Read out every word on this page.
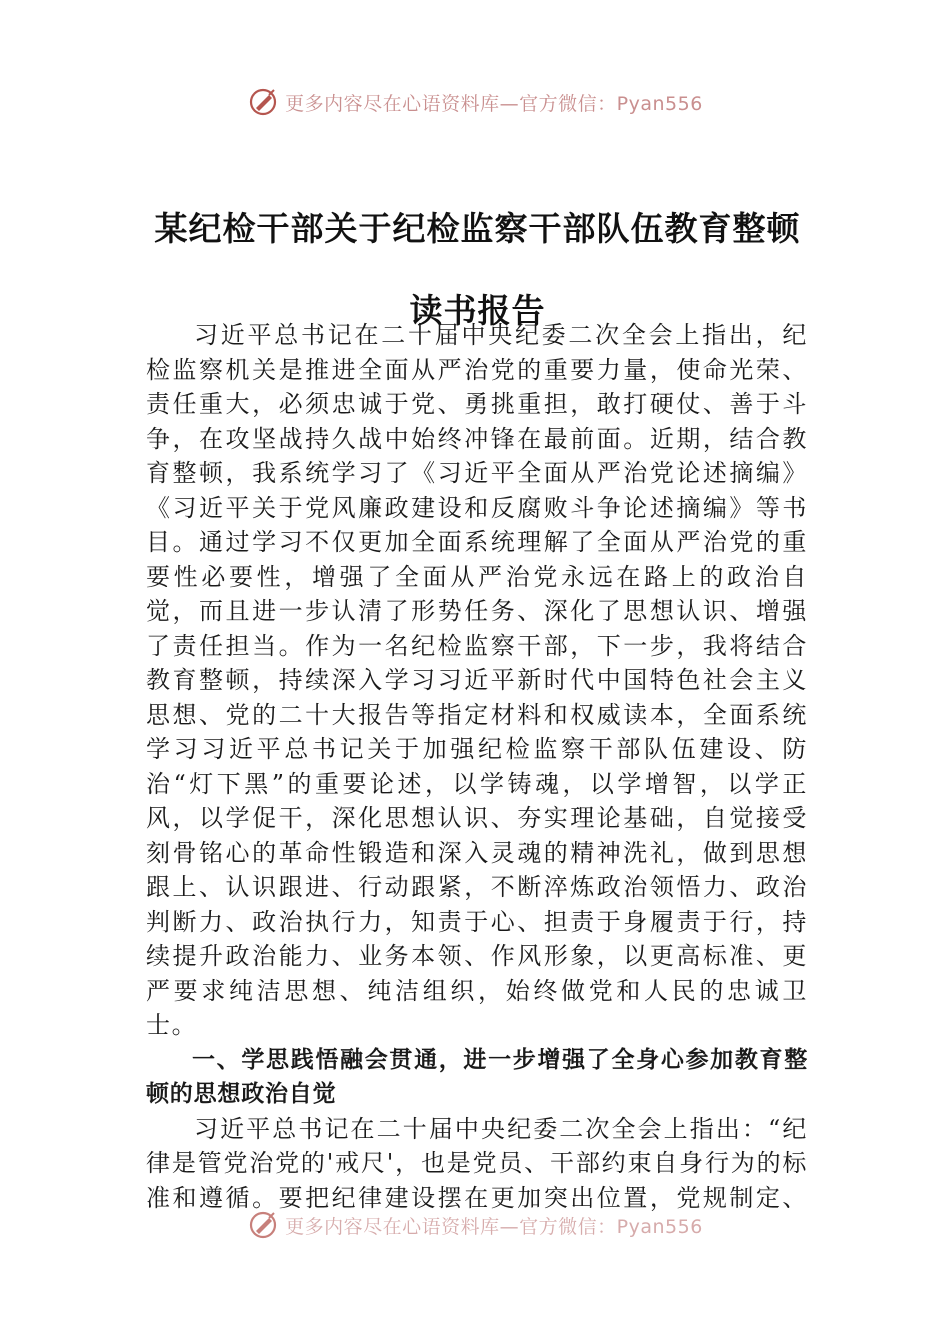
更多内容尽在心语资料库—官方微信：Pyan556
某纪检干部关于纪检监察干部队伍教育整顿读书报告

习近平总书记在二十届中央纪委二次全会上指出，纪检监察机关是推进全面从严治党的重要力量，使命光荣、责任重大，必须忠诚于党、勇挑重担，敢打硬仗、善于斗争，在攻坚战持久战中始终冲锋在最前面。近期，结合教育整顿，我系统学习了《习近平全面从严治党论述摘编》《习近平关于党风廉政建设和反腐败斗争论述摘编》等书目。通过学习不仅更加全面系统理解了全面从严治党的重要性必要性，增强了全面从严治党永远在路上的政治自觉，而且进一步认清了形势任务、深化了思想认识、增强了责任担当。作为一名纪检监察干部，下一步，我将结合教育整顿，持续深入学习习近平新时代中国特色社会主义思想、党的二十大报告等指定材料和权威读本，全面系统学习习近平总书记关于加强纪检监察干部队伍建设、防治“灯下黑”的重要论述，以学铸魂，以学增智，以学正风，以学促干，深化思想认识、夯实理论基础，自觉接受刻骨铭心的革命性锻造和深入灵魂的精神洗礼，做到思想跟上、认识跟进、行动跟紧，不断淬炼政治领悟力、政治判断力、政治执行力，知责于心、担责于身履责于行，持续提升政治能力、业务本领、作风形象，以更高标准、更严要求纯洁思想、纯洁组织，始终做党和人民的忠诚卫士。

一、学思践悟融会贯通，进一步增强了全身心参加教育整顿的思想政治自觉

习近平总书记在二十届中央纪委二次全会上指出：“纪律是管党治党的'戒尺'，也是党员、干部约束自身行为的标准和遵循。要把纪律建设摆在更加突出位置，党规制定、

更多内容尽在心语资料库—官方微信：Pyan556
